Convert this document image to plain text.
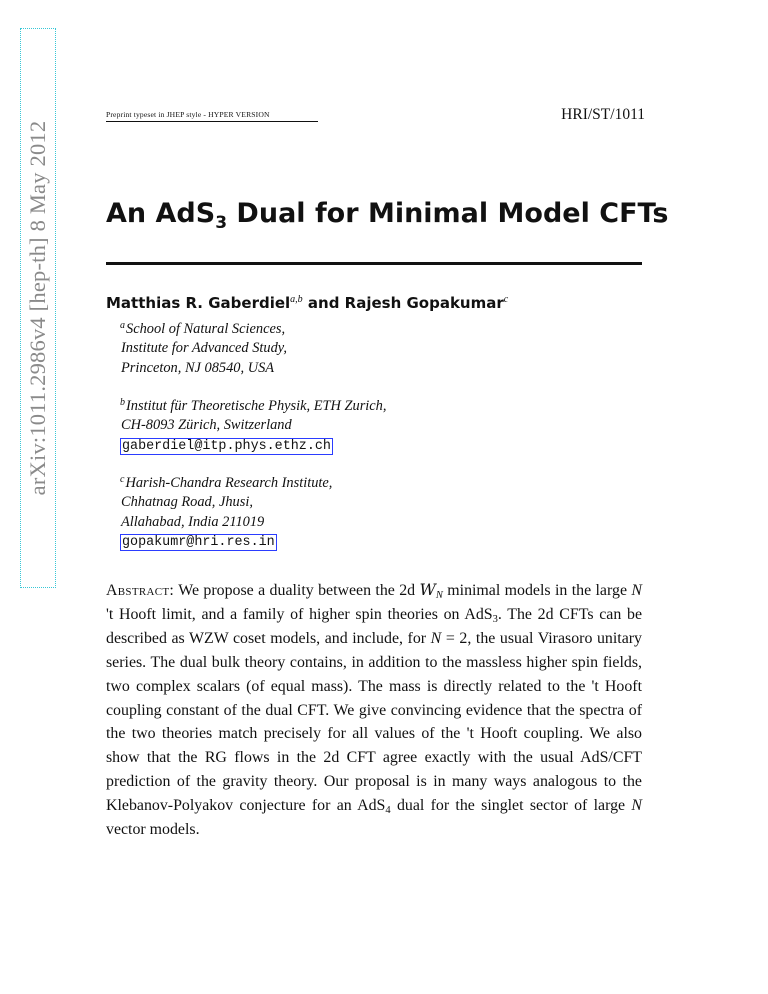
arXiv:1011.2986v4 [hep-th] 8 May 2012
Preprint typeset in JHEP style - HYPER VERSION	HRI/ST/1011
An AdS$_3$ Dual for Minimal Model CFTs
Matthias R. Gaberdiel$^{a,b}$ and Rajesh Gopakumar$^c$
$^a$School of Natural Sciences,
Institute for Advanced Study,
Princeton, NJ 08540, USA
$^b$Institut für Theoretische Physik, ETH Zurich,
CH-8093 Zürich, Switzerland
gaberdiel@itp.phys.ethz.ch
$^c$Harish-Chandra Research Institute,
Chhatnag Road, Jhusi,
Allahabad, India 211019
gopakumr@hri.res.in
Abstract: We propose a duality between the 2d $W_N$ minimal models in the large N 't Hooft limit, and a family of higher spin theories on AdS$_3$. The 2d CFTs can be described as WZW coset models, and include, for N = 2, the usual Virasoro unitary series. The dual bulk theory contains, in addition to the massless higher spin fields, two complex scalars (of equal mass). The mass is directly related to the 't Hooft coupling constant of the dual CFT. We give convincing evidence that the spectra of the two theories match precisely for all values of the 't Hooft coupling. We also show that the RG flows in the 2d CFT agree exactly with the usual AdS/CFT prediction of the gravity theory. Our proposal is in many ways analogous to the Klebanov-Polyakov conjecture for an AdS$_4$ dual for the singlet sector of large N vector models.
